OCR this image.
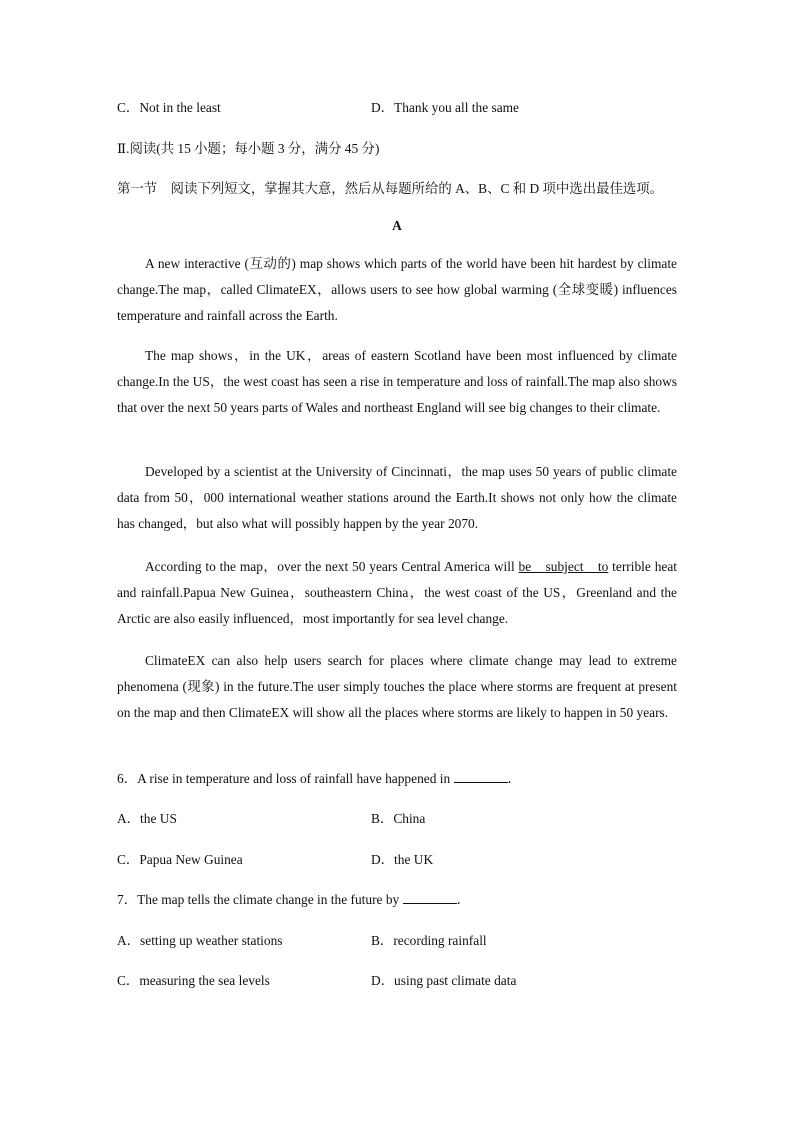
C．Not in the least	D．Thank you all the same
Ⅱ.阅读(共 15 小题；每小题 3 分，满分 45 分)
第一节　阅读下列短文，掌握其大意，然后从每题所给的 A、B、C 和 D 项中选出最佳选项。
A
A new interactive (互动的) map shows which parts of the world have been hit hardest by climate change.The map，called ClimateEX，allows users to see how global warming (全球变暖) influences temperature and rainfall across the Earth.
The map shows，in the UK，areas of eastern Scotland have been most influenced by climate change.In the US，the west coast has seen a rise in temperature and loss of rainfall.The map also shows that over the next 50 years parts of Wales and northeast England will see big changes to their climate.
Developed by a scientist at the University of Cincinnati，the map uses 50 years of public climate data from 50，000 international weather stations around the Earth.It shows not only how the climate has changed，but also what will possibly happen by the year 2070.
According to the map，over the next 50 years Central America will be　subject　to terrible heat and rainfall.Papua New Guinea，southeastern China，the west coast of the US，Greenland and the Arctic are also easily influenced，most importantly for sea level change.
ClimateEX can also help users search for places where climate change may lead to extreme phenomena (现象) in the future.The user simply touches the place where storms are frequent at present on the map and then ClimateEX will show all the places where storms are likely to happen in 50 years.
6．A rise in temperature and loss of rainfall have happened in	．
A．the US	B．China
C．Papua New Guinea	D．the UK
7．The map tells the climate change in the future by	．
A．setting up weather stations	B．recording rainfall
C．measuring the sea levels	D．using past climate data
